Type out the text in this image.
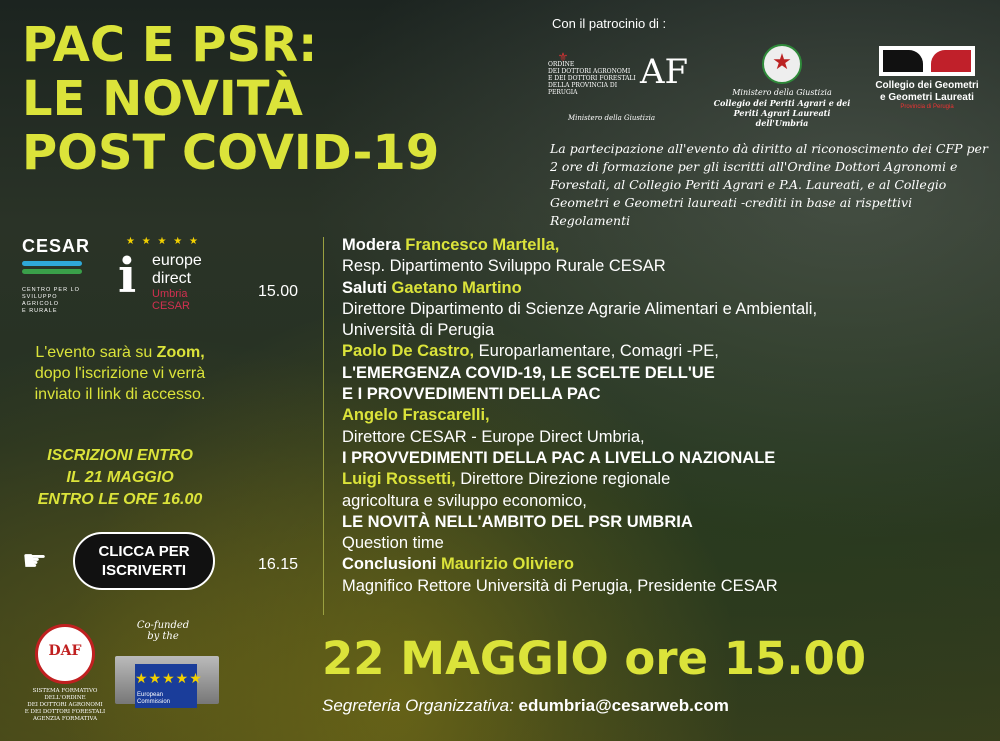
PAC E PSR:
LE NOVITÀ
POST COVID-19
Con il patrocinio di :
⚜
ORDINE
DEI DOTTORI AGRONOMI
E DEI DOTTORI FORESTALI
DELLA PROVINCIA DI PERUGIA
AF
Ministero della Giustizia
★
Ministero della Giustizia
Collegio dei Periti Agrari e dei
Periti Agrari Laureati dell'Umbria
Collegio dei Geometri
e Geometri Laureati
Provincia di Perugia
La partecipazione all'evento dà diritto al riconoscimento dei CFP per 2 ore di formazione per gli iscritti all'Ordine Dottori Agronomi e Forestali, al Collegio Periti Agrari e P.A. Laureati, e al Collegio Geometri e Geometri laureati -crediti in base ai rispettivi Regolamenti
CESAR
CENTRO PER LO
SVILUPPO
AGRICOLO
E RURALE
★ ★ ★ ★ ★
i europe
direct
Umbria CESAR
L'evento sarà su Zoom, dopo l'iscrizione vi verrà inviato il link di accesso.
ISCRIZIONI ENTRO
IL 21 MAGGIO
ENTRO LE ORE 16.00
☛	CLICCA PER
ISCRIVERTI
DAF
SISTEMA FORMATIVO DELL'ORDINE
DEI DOTTORI AGRONOMI
E DEI DOTTORI FORESTALI
AGENZIA FORMATIVA
Co-funded by the
★★★★★
European Commission
15.00
16.15
Modera Francesco Martella,
Resp. Dipartimento Sviluppo Rurale CESAR
Saluti Gaetano Martino
Direttore Dipartimento di Scienze Agrarie Alimentari e Ambientali,
Università di Perugia
Paolo De Castro, Europarlamentare, Comagri -PE,
L'EMERGENZA COVID-19, LE SCELTE DELL'UE
E I PROVVEDIMENTI DELLA PAC
Angelo Frascarelli,
Direttore CESAR - Europe Direct Umbria,
I PROVVEDIMENTI DELLA PAC A LIVELLO NAZIONALE
Luigi Rossetti, Direttore Direzione regionale
agricoltura e sviluppo economico,
LE NOVITÀ NELL'AMBITO DEL PSR UMBRIA
Question time
Conclusioni Maurizio Oliviero
Magnifico Rettore Università di Perugia, Presidente CESAR
22 MAGGIO ore 15.00
Segreteria Organizzativa: edumbria@cesarweb.com
